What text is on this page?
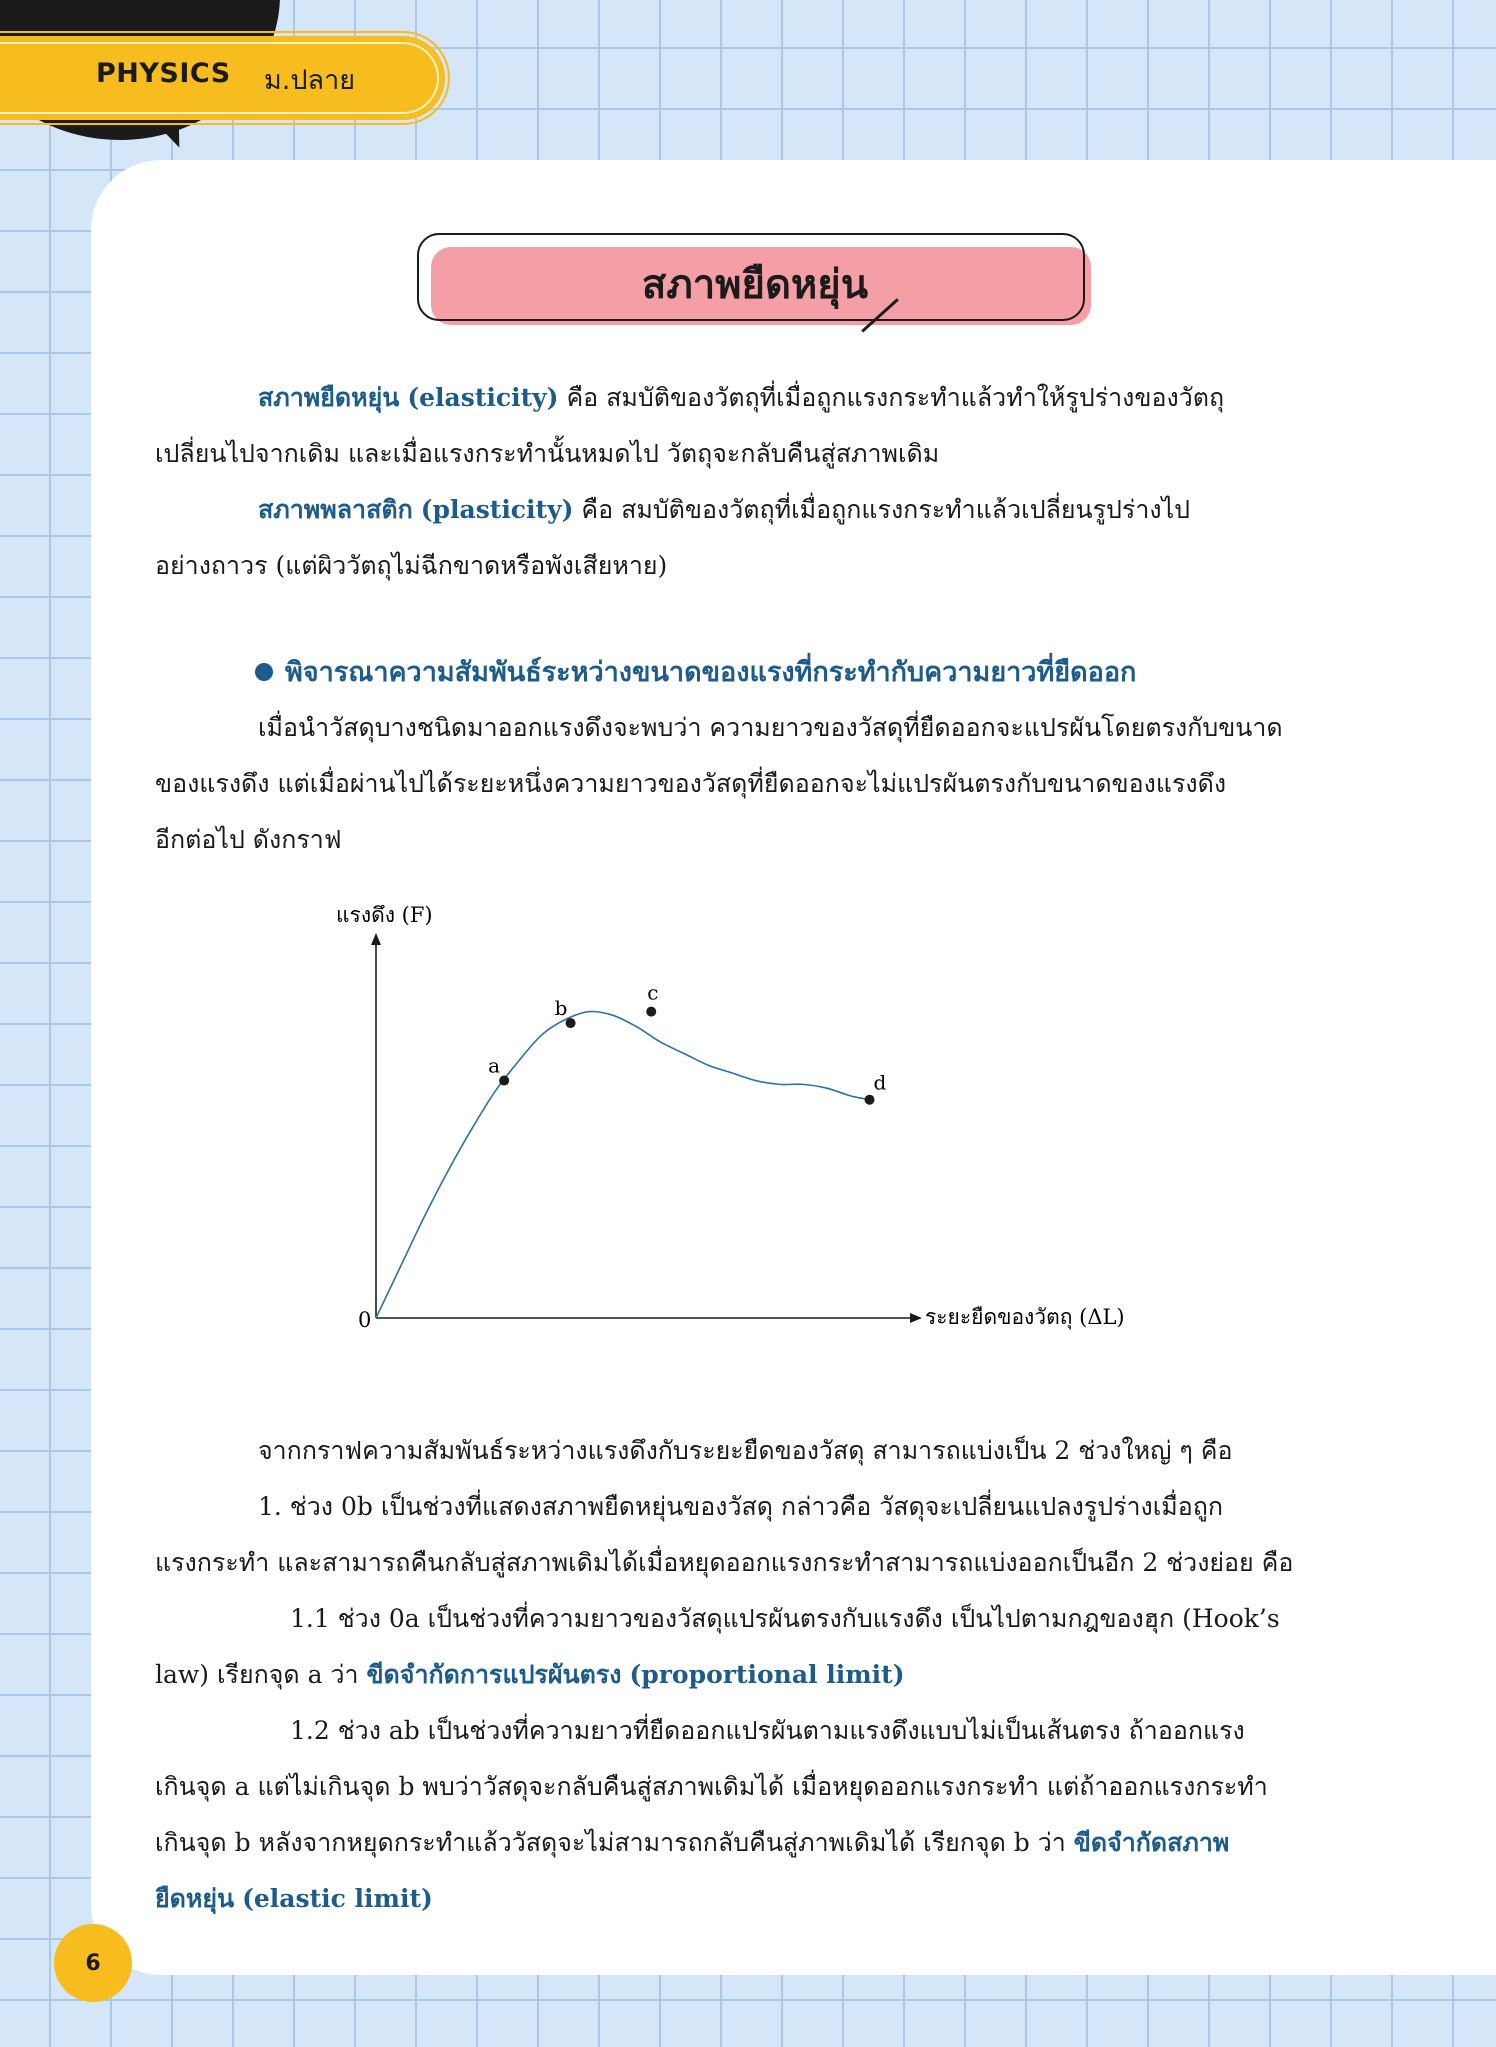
PHYSICS ม.ปลาย
สภาพยืดหยุ่น

สภาพยืดหยุ่น (elasticity) คือ สมบัติของวัตถุที่เมื่อถูกแรงกระทำแล้วทำให้รูปร่างของวัตถุ

เปลี่ยนไปจากเดิม และเมื่อแรงกระทำนั้นหมดไป วัตถุจะกลับคืนสู่สภาพเดิม

สภาพพลาสติก (plasticity) คือ สมบัติของวัตถุที่เมื่อถูกแรงกระทำแล้วเปลี่ยนรูปร่างไป

อย่างถาวร (แต่ผิววัตถุไม่ฉีกขาดหรือพังเสียหาย)

พิจารณาความสัมพันธ์ระหว่างขนาดของแรงที่กระทำกับความยาวที่ยืดออก

เมื่อนำวัสดุบางชนิดมาออกแรงดึงจะพบว่า ความยาวของวัสดุที่ยืดออกจะแปรผันโดยตรงกับขนาด

ของแรงดึง แต่เมื่อผ่านไปได้ระยะหนึ่งความยาวของวัสดุที่ยืดออกจะไม่แปรผันตรงกับขนาดของแรงดึง

อีกต่อไป ดังกราฟ

แรงดึง (F)
ระยะยืดของวัตถุ (ΔL)
0
a
b
c
d

จากกราฟความสัมพันธ์ระหว่างแรงดึงกับระยะยืดของวัสดุ สามารถแบ่งเป็น 2 ช่วงใหญ่ ๆ คือ

1. ช่วง 0b เป็นช่วงที่แสดงสภาพยืดหยุ่นของวัสดุ กล่าวคือ วัสดุจะเปลี่ยนแปลงรูปร่างเมื่อถูก

แรงกระทำ และสามารถคืนกลับสู่สภาพเดิมได้เมื่อหยุดออกแรงกระทำสามารถแบ่งออกเป็นอีก 2 ช่วงย่อย คือ

1.1 ช่วง 0a เป็นช่วงที่ความยาวของวัสดุแปรผันตรงกับแรงดึง เป็นไปตามกฎของฮุก (Hook’s

law) เรียกจุด a ว่า ขีดจำกัดการแปรผันตรง (proportional limit)

1.2 ช่วง ab เป็นช่วงที่ความยาวที่ยืดออกแปรผันตามแรงดึงแบบไม่เป็นเส้นตรง ถ้าออกแรง

เกินจุด a แต่ไม่เกินจุด b พบว่าวัสดุจะกลับคืนสู่สภาพเดิมได้ เมื่อหยุดออกแรงกระทำ แต่ถ้าออกแรงกระทำ

เกินจุด b หลังจากหยุดกระทำแล้ววัสดุจะไม่สามารถกลับคืนสู่ภาพเดิมได้ เรียกจุด b ว่า ขีดจำกัดสภาพ

ยืดหยุ่น (elastic limit)

6
